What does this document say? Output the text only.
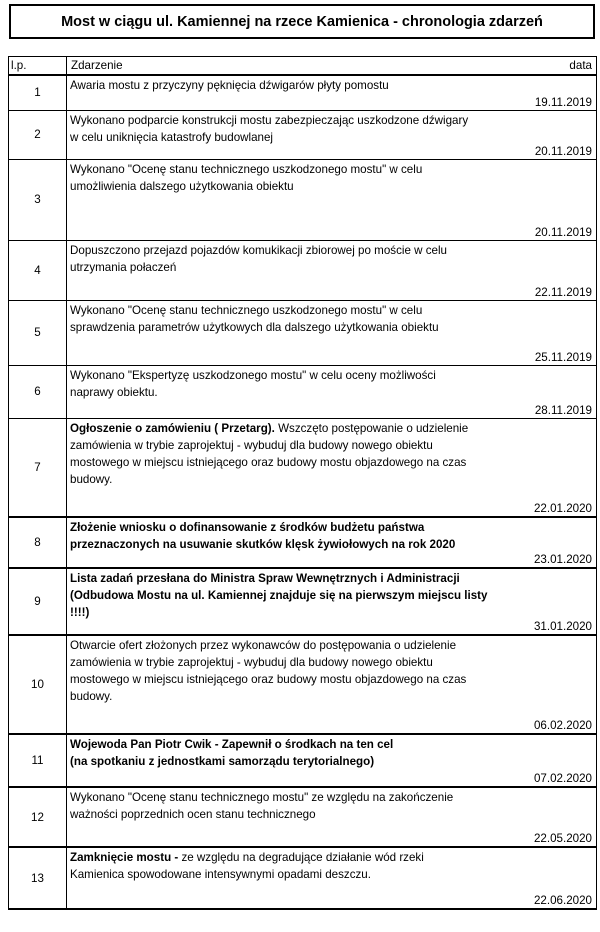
Most w ciągu ul. Kamiennej na rzece Kamienica - chronologia zdarzeń
l.p.	Zdarzenie data

1	Awaria mostu z przyczyny pęknięcia dźwigarów płyty pomostu
19.11.2019

2	Wykonano podparcie konstrukcji mostu zabezpieczając uszkodzone dźwigary
w celu uniknięcia katastrofy budowlanej
20.11.2019

3	Wykonano "Ocenę stanu technicznego uszkodzonego mostu" w celu
umożliwienia dalszego użytkowania obiektu
20.11.2019

4	Dopuszczono przejazd pojazdów komukikacji zbiorowej po moście w celu
utrzymania połaczeń
22.11.2019

5	Wykonano "Ocenę stanu technicznego uszkodzonego mostu" w celu
sprawdzenia parametrów użytkowych dla dalszego użytkowania obiektu
25.11.2019

6	Wykonano "Ekspertyzę uszkodzonego mostu" w celu oceny możliwości
naprawy obiektu.
28.11.2019

7	Ogłoszenie o zamówieniu ( Przetarg). Wszczęto postępowanie o udzielenie
zamówienia w trybie zaprojektuj - wybuduj dla budowy nowego obiektu
mostowego w miejscu istniejącego oraz budowy mostu objazdowego na czas
budowy.
22.01.2020

8	Złożenie wniosku o dofinansowanie z środków budżetu państwa
przeznaczonych na usuwanie skutków klęsk żywiołowych na rok 2020
23.01.2020

9	Lista zadań przesłana do Ministra Spraw Wewnętrznych i Administracji
(Odbudowa Mostu na ul. Kamiennej znajduje się na pierwszym miejscu listy
!!!!)
31.01.2020

10	Otwarcie ofert złożonych przez wykonawców do postępowania o udzielenie
zamówienia w trybie zaprojektuj - wybuduj dla budowy nowego obiektu
mostowego w miejscu istniejącego oraz budowy mostu objazdowego na czas
budowy.
06.02.2020

11	Wojewoda Pan Piotr Cwik - Zapewnił o środkach na ten cel
(na spotkaniu z jednostkami samorządu terytorialnego)
07.02.2020

12	Wykonano "Ocenę stanu technicznego mostu" ze względu na zakończenie
ważności poprzednich ocen stanu technicznego
22.05.2020

13	Zamknięcie mostu - ze względu na degradujące działanie wód rzeki
Kamienica spowodowane intensywnymi opadami deszczu.
22.06.2020
